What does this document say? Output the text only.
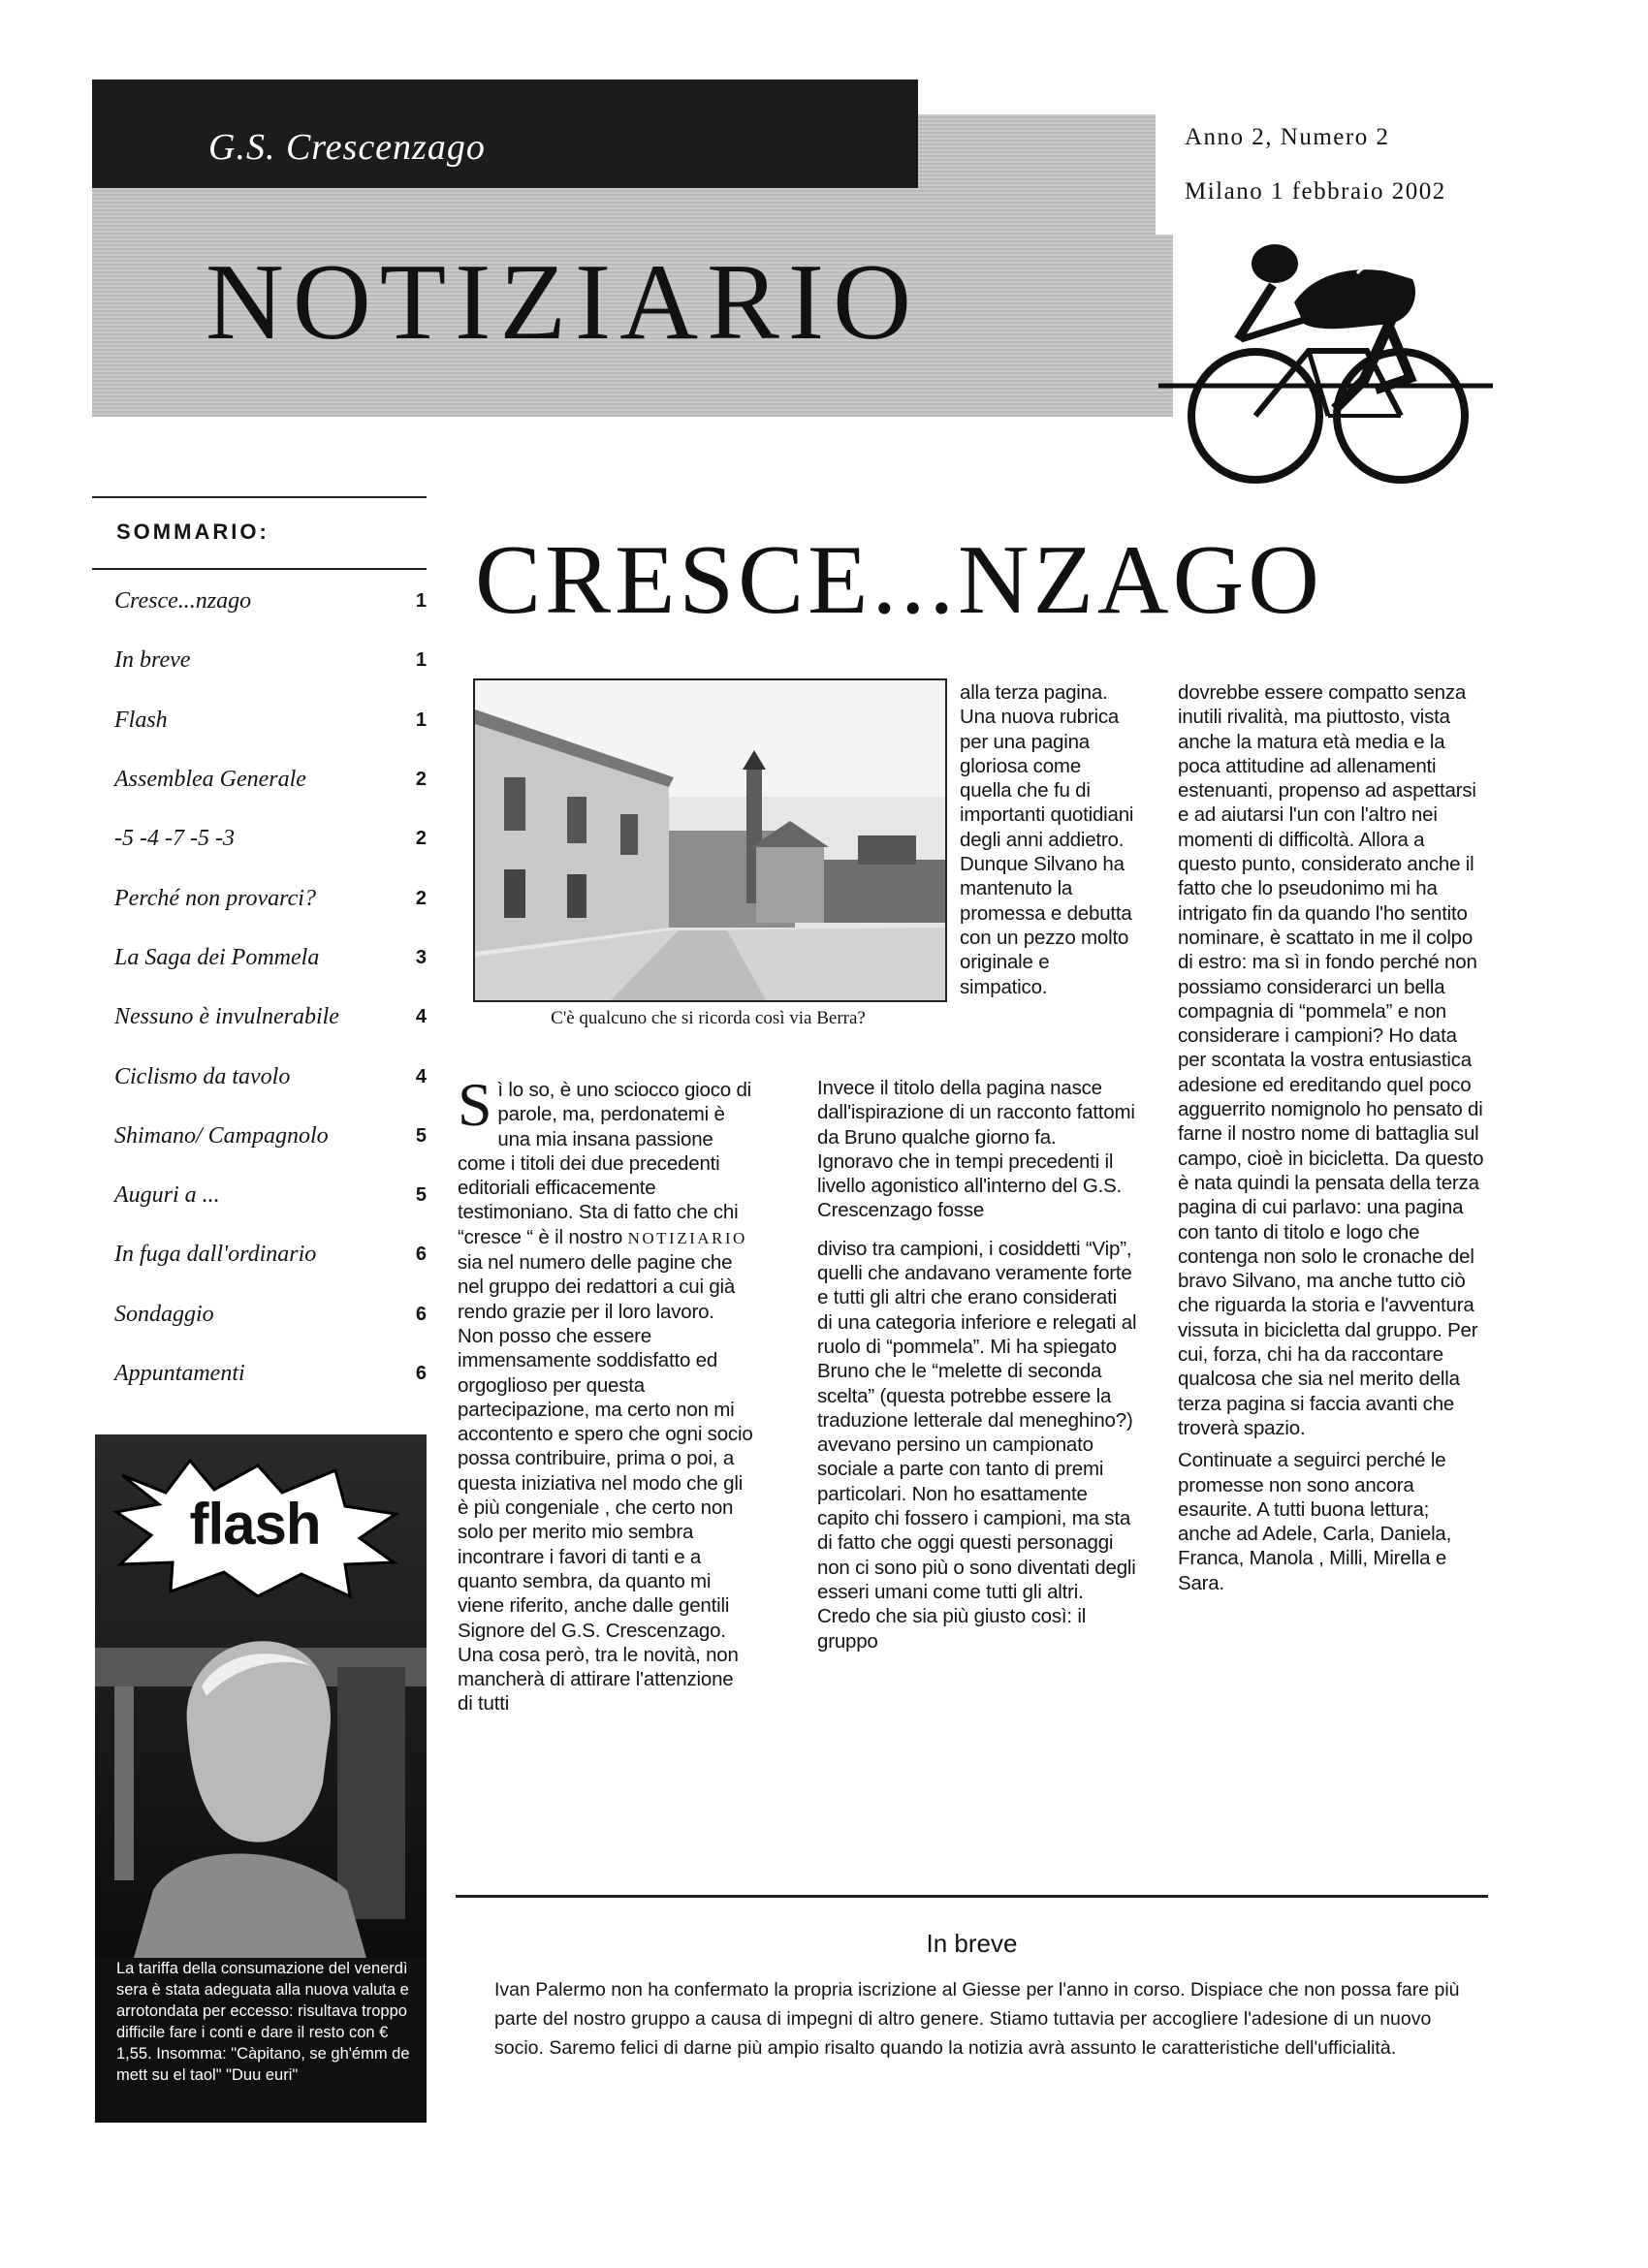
G.S. Crescenzago	Anno 2, Numero 2
Milano 1 febbraio 2002
NOTIZIARIO
SOMMARIO:
Cresce...nzago	1
In breve	1
Flash	1
Assemblea Generale	2
-5 -4 -7 -5 -3	2
Perché non provarci?	2
La Saga dei Pommela	3
Nessuno è invulnerabile	4
Ciclismo da tavolo	4
Shimano/ Campagnolo	5
Auguri a ...	5
In fuga dall'ordinario	6
Sondaggio	6
Appuntamenti	6
flash
La tariffa della consumazione del venerdì sera è stata adeguata alla nuova valuta e arrotondata per eccesso: risultava troppo difficile fare i conti e dare il resto con € 1,55. Insomma: "Càpitano, se gh'émm de mett su el taol" "Duu euri"
CRESCE...NZAGO
C'è qualcuno che si ricorda così via Berra?

S ì lo so, è uno sciocco gioco di parole, ma, perdonatemi è una mia insana passione come i titoli dei due precedenti editoriali efficacemente testimoniano. Sta di fatto che chi “cresce “ è il nostro NOTIZIARIO sia nel numero delle pagine che nel gruppo dei redattori a cui già rendo grazie per il loro lavoro. Non posso che essere immensamente soddisfatto ed orgoglioso per questa partecipazione, ma certo non mi accontento e spero che ogni socio possa contribuire, prima o poi, a questa iniziativa nel modo che gli è più congeniale , che certo non solo per merito mio sembra incontrare i favori di tanti e a quanto sembra, da quanto mi viene riferito, anche dalle gentili Signore del G.S. Crescenzago. Una cosa però, tra le novità, non mancherà di attirare l'attenzione di tutti

alla terza pagina. Una nuova rubrica per una pagina gloriosa come quella che fu di importanti quotidiani degli anni addietro. Dunque Silvano ha mantenuto la promessa e debutta con un pezzo molto originale e simpatico.

Invece il titolo della pagina nasce dall'ispirazione di un racconto fattomi da Bruno qualche giorno fa. Ignoravo che in tempi precedenti il livello agonistico all'interno del G.S. Crescenzago fosse

diviso tra campioni, i cosiddetti “Vip”, quelli che andavano veramente forte e tutti gli altri che erano considerati di una categoria inferiore e relegati al ruolo di “pommela”. Mi ha spiegato Bruno che le “melette di seconda scelta” (questa potrebbe essere la traduzione letterale dal meneghino?) avevano persino un campionato sociale a parte con tanto di premi particolari. Non ho esattamente capito chi fossero i campioni, ma sta di fatto che oggi questi personaggi non ci sono più o sono diventati degli esseri umani come tutti gli altri. Credo che sia più giusto così: il gruppo

dovrebbe essere compatto senza inutili rivalità, ma piuttosto, vista anche la matura età media e la poca attitudine ad allenamenti estenuanti, propenso ad aspettarsi e ad aiutarsi l'un con l'altro nei momenti di difficoltà. Allora a questo punto, considerato anche il fatto che lo pseudonimo mi ha intrigato fin da quando l'ho sentito nominare, è scattato in me il colpo di estro: ma sì in fondo perché non possiamo considerarci un bella compagnia di “pommela” e non considerare i campioni? Ho data per scontata la vostra entusiastica adesione ed ereditando quel poco agguerrito nomignolo ho pensato di farne il nostro nome di battaglia sul campo, cioè in bicicletta. Da questo è nata quindi la pensata della terza pagina di cui parlavo: una pagina con tanto di titolo e logo che contenga non solo le cronache del bravo Silvano, ma anche tutto ciò che riguarda la storia e l'avventura vissuta in bicicletta dal gruppo. Per cui, forza, chi ha da raccontare qualcosa che sia nel merito della terza pagina si faccia avanti che troverà spazio.

Continuate a seguirci perché le promesse non sono ancora esaurite. A tutti buona lettura; anche ad Adele, Carla, Daniela, Franca, Manola , Milli, Mirella e Sara.

In breve
Ivan Palermo non ha confermato la propria iscrizione al Giesse per l'anno in corso. Dispiace che non possa fare più parte del nostro gruppo a causa di impegni di altro genere. Stiamo tuttavia per accogliere l'adesione di un nuovo socio. Saremo felici di darne più ampio risalto quando la notizia avrà assunto le caratteristiche dell'ufficialità.
